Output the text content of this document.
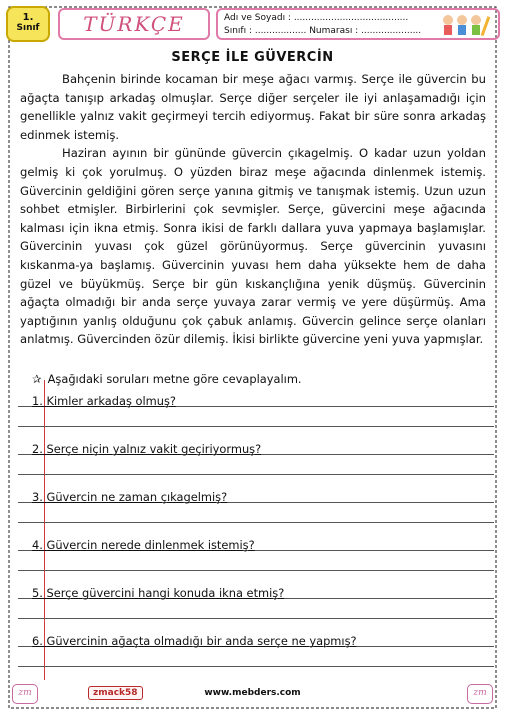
1.
Sınıf	TÜRKÇE	Adı ve Soyadı : ........................................
Sınıfı : .................. Numarası : .....................
SERÇE İLE GÜVERCİN

Bahçenin birinde kocaman bir meşe ağacı varmış. Serçe ile güvercin bu ağaçta tanışıp arkadaş olmuşlar. Serçe diğer serçeler ile iyi anlaşamadığı için genellikle yalnız vakit geçirmeyi tercih ediyormuş. Fakat bir süre sonra arkadaş edinmek istemiş.

Haziran ayının bir gününde güvercin çıkagelmiş. O kadar uzun yoldan gelmiş ki çok yorulmuş. O yüzden biraz meşe ağacında dinlenmek istemiş. Güvercinin geldiğini gören serçe yanına gitmiş ve tanışmak istemiş. Uzun uzun sohbet etmişler. Birbirlerini çok sevmişler. Serçe, güvercini meşe ağacında kalması için ikna etmiş. Sonra ikisi de farklı dallara yuva yapmaya başlamışlar. Güvercinin yuvası çok güzel görünüyormuş. Serçe güvercinin yuvasını kıskanma-ya başlamış. Güvercinin yuvası hem daha yüksekte hem de daha güzel ve büyükmüş. Serçe bir gün kıskançlığına yenik düşmüş. Güvercinin ağaçta olmadığı bir anda serçe yuvaya zarar vermiş ve yere düşürmüş. Ama yaptığının yanlış olduğunu çok çabuk anlamış. Güvercin gelince serçe olanları anlatmış. Güvercinden özür dilemiş. İkisi birlikte güvercine yeni yuva yapmışlar.

✰ Aşağıdaki soruları metne göre cevaplayalım.
1. Kimler arkadaş olmuş?
2. Serçe niçin yalnız vakit geçiriyormuş?
3. Güvercin ne zaman çıkagelmiş?
4. Güvercin nerede dinlenmek istemiş?
5. Serçe güvercini hangi konuda ikna etmiş?
6. Güvercinin ağaçta olmadığı bir anda serçe ne yapmış?
zm	zmack58	www.mebders.com	zm
